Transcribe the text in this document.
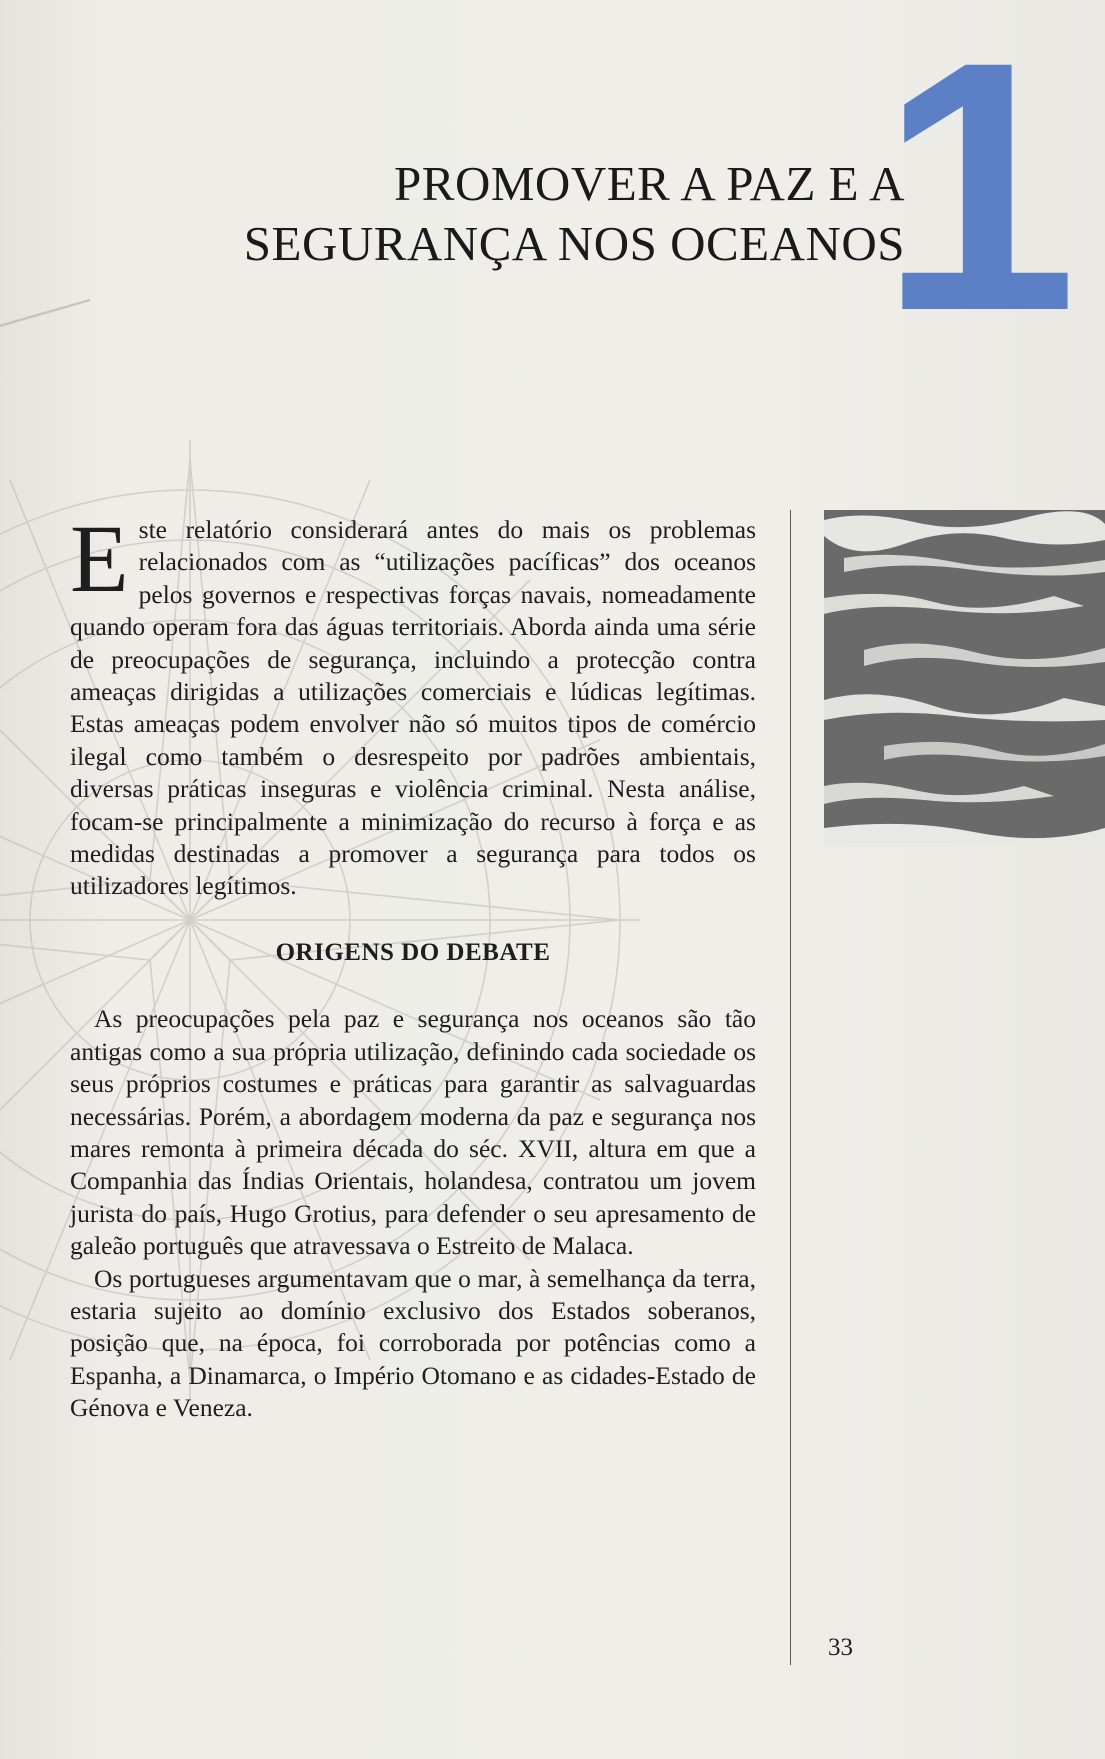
1
PROMOVER A PAZ E A
SEGURANÇA NOS OCEANOS

Este relatório considerará antes do mais os problemas relacionados com as “utilizações pacíficas” dos oceanos pelos governos e respectivas forças navais, nomeadamente quando operam fora das águas territoriais. Aborda ainda uma série de preocupações de segurança, incluindo a protecção contra ameaças dirigidas a utilizações comerciais e lúdicas legítimas. Estas ameaças podem envolver não só muitos tipos de comércio ilegal como também o desrespeito por padrões ambientais, diversas práticas inseguras e violência criminal. Nesta análise, focam-se principalmente a minimização do recurso à força e as medidas destinadas a promover a segurança para todos os utilizadores legítimos.

ORIGENS DO DEBATE

As preocupações pela paz e segurança nos oceanos são tão antigas como a sua própria utilização, definindo cada sociedade os seus próprios costumes e práticas para garantir as salvaguardas necessárias. Porém, a abordagem moderna da paz e segurança nos mares remonta à primeira década do séc. XVII, altura em que a Companhia das Índias Orientais, holandesa, contratou um jovem jurista do país, Hugo Grotius, para defender o seu apresamento de galeão português que atravessava o Estreito de Malaca.

Os portugueses argumentavam que o mar, à semelhança da terra, estaria sujeito ao domínio exclusivo dos Estados soberanos, posição que, na época, foi corroborada por potências como a Espanha, a Dinamarca, o Império Otomano e as cidades-Estado de Génova e Veneza.

33
